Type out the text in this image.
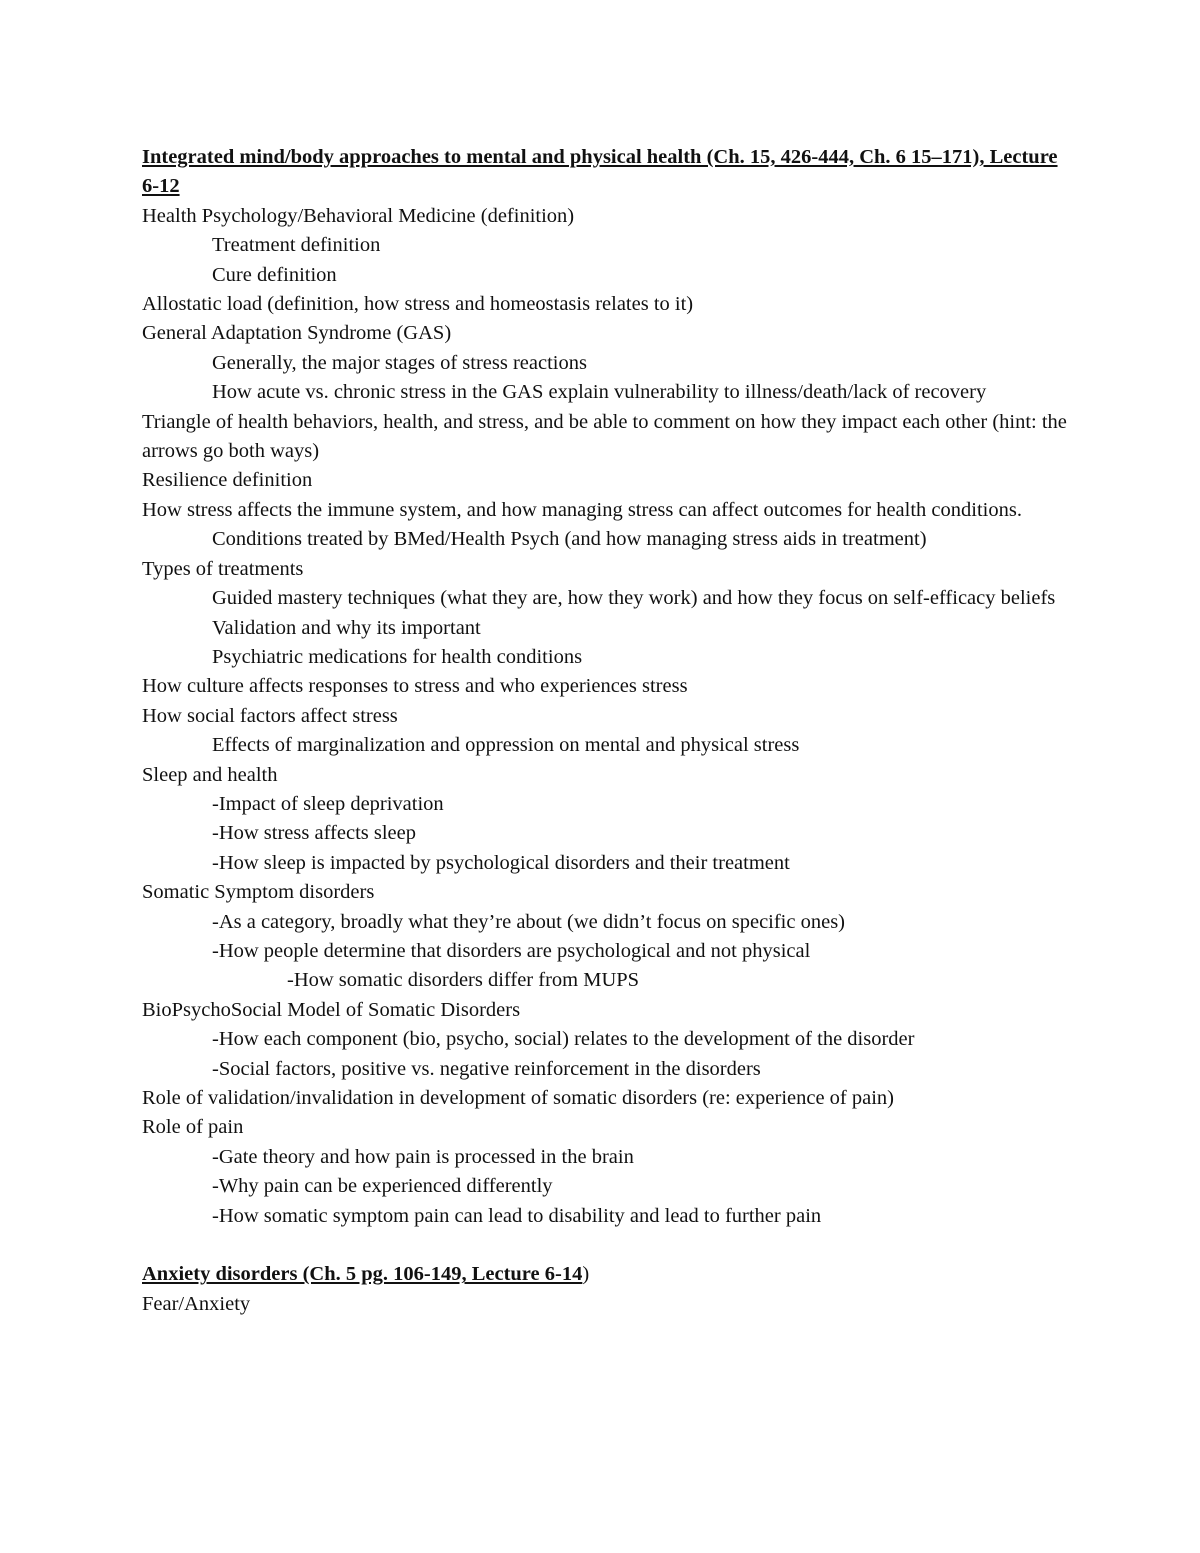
Integrated mind/body approaches to mental and physical health (Ch. 15, 426-444, Ch. 6 15–171), Lecture 6-12
Health Psychology/Behavioral Medicine (definition)
Treatment definition
Cure definition
Allostatic load (definition, how stress and homeostasis relates to it)
General Adaptation Syndrome (GAS)
Generally, the major stages of stress reactions
How acute vs. chronic stress in the GAS explain vulnerability to illness/death/lack of recovery
Triangle of health behaviors, health, and stress, and be able to comment on how they impact each other (hint: the arrows go both ways)
Resilience definition
How stress affects the immune system, and how managing stress can affect outcomes for health conditions.
Conditions treated by BMed/Health Psych (and how managing stress aids in treatment)
Types of treatments
Guided mastery techniques (what they are, how they work) and how they focus on self-efficacy beliefs
Validation and why its important
Psychiatric medications for health conditions
How culture affects responses to stress and who experiences stress
How social factors affect stress
Effects of marginalization and oppression on mental and physical stress
Sleep and health
-Impact of sleep deprivation
-How stress affects sleep
-How sleep is impacted by psychological disorders and their treatment
Somatic Symptom disorders
-As a category, broadly what they’re about (we didn’t focus on specific ones)
-How people determine that disorders are psychological and not physical
-How somatic disorders differ from MUPS
BioPsychoSocial Model of Somatic Disorders
-How each component (bio, psycho, social) relates to the development of the disorder
-Social factors, positive vs. negative reinforcement in the disorders
Role of validation/invalidation in development of somatic disorders (re: experience of pain)
Role of pain
-Gate theory and how pain is processed in the brain
-Why pain can be experienced differently
-How somatic symptom pain can lead to disability and lead to further pain
Anxiety disorders (Ch. 5 pg. 106-149, Lecture 6-14)
Fear/Anxiety
